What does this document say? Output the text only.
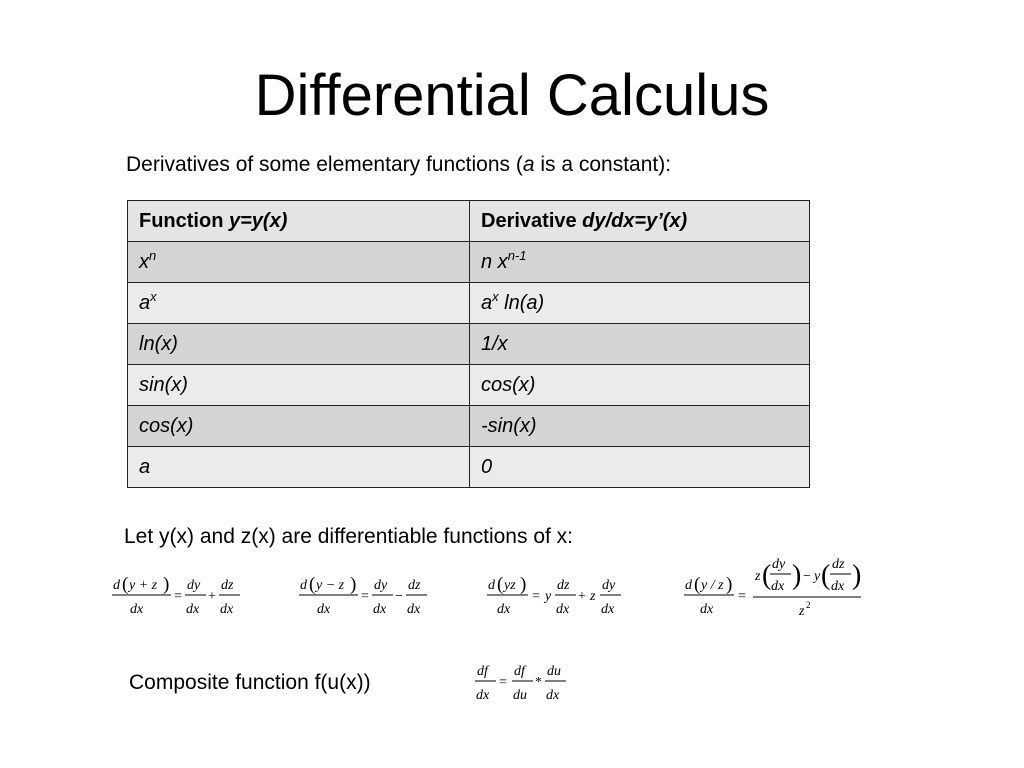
Differential Calculus
Derivatives of some elementary functions (a is a constant):
Function y=y(x)	Derivative dy/dx=y’(x)
$x^n$	n $x^{n-1}$
$a^x$	$a^x$ ln(a)
ln(x)	1/x
sin(x)	cos(x)
cos(x)	-sin(x)
a	0
Let y(x) and z(x) are differentiable functions of x:
d ( y + z )
dx
=
dy
dx
+
dz
dx
d ( y − z )
dx
=
dy
dx
−
dz
dx
d ( yz )
dx
= y
dz
dx
+ z
dy
dx
d ( y / z )
dx
=
z ( dy
dx ) − y ( dz
dx )
z 2
Composite function f(u(x))	df
dx
=
df
du
*
du
dx
